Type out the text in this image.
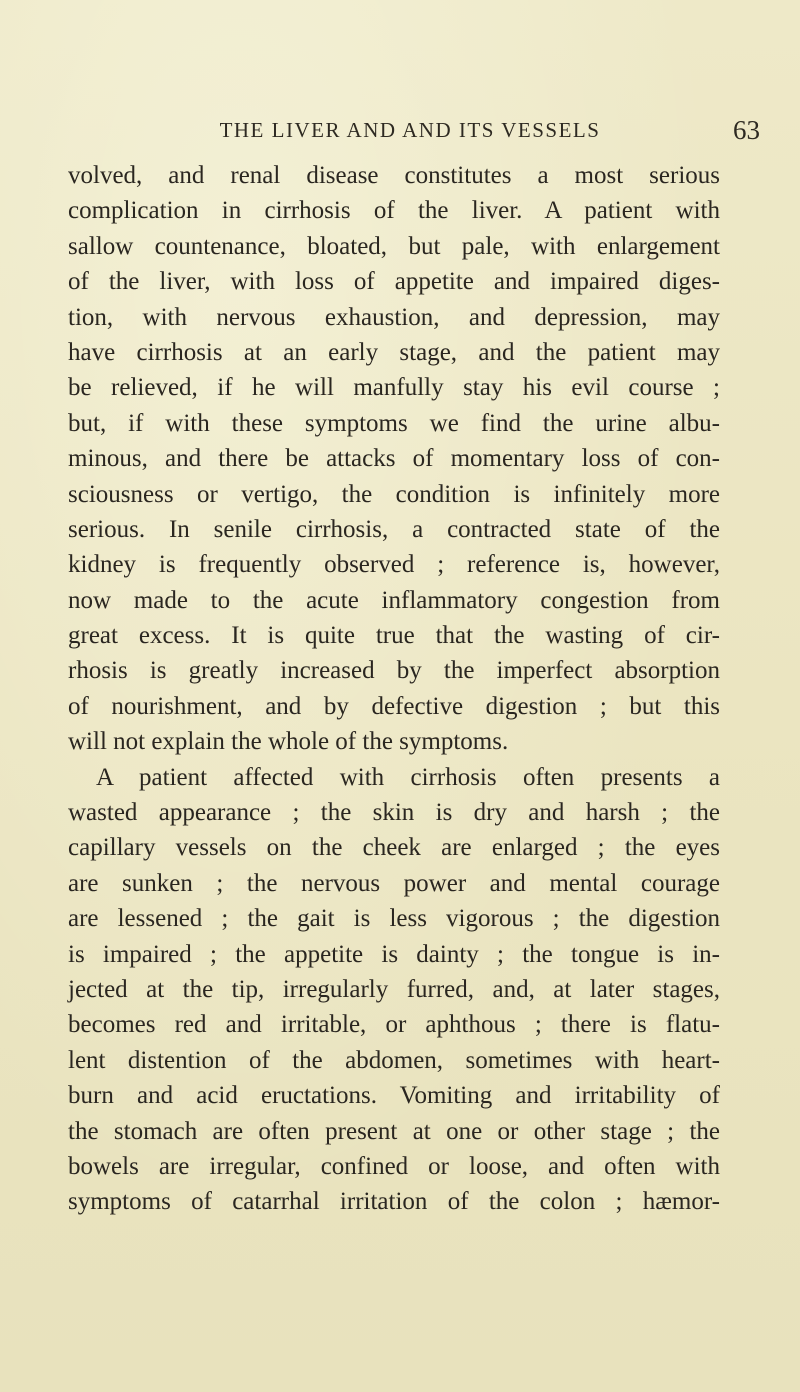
THE LIVER AND AND ITS VESSELS	63
volved, and renal disease constitutes a most serious
complication in cirrhosis of the liver. A patient with
sallow countenance, bloated, but pale, with enlargement
of the liver, with loss of appetite and impaired diges-
tion, with nervous exhaustion, and depression, may
have cirrhosis at an early stage, and the patient may
be relieved, if he will manfully stay his evil course ;
but, if with these symptoms we find the urine albu-
minous, and there be attacks of momentary loss of con-
sciousness or vertigo, the condition is infinitely more
serious. In senile cirrhosis, a contracted state of the
kidney is frequently observed ; reference is, however,
now made to the acute inflammatory congestion from
great excess. It is quite true that the wasting of cir-
rhosis is greatly increased by the imperfect absorption
of nourishment, and by defective digestion ; but this
will not explain the whole of the symptoms.
A patient affected with cirrhosis often presents a
wasted appearance ; the skin is dry and harsh ; the
capillary vessels on the cheek are enlarged ; the eyes
are sunken ; the nervous power and mental courage
are lessened ; the gait is less vigorous ; the digestion
is impaired ; the appetite is dainty ; the tongue is in-
jected at the tip, irregularly furred, and, at later stages,
becomes red and irritable, or aphthous ; there is flatu-
lent distention of the abdomen, sometimes with heart-
burn and acid eructations. Vomiting and irritability of
the stomach are often present at one or other stage ; the
bowels are irregular, confined or loose, and often with
symptoms of catarrhal irritation of the colon ; hæmor-
